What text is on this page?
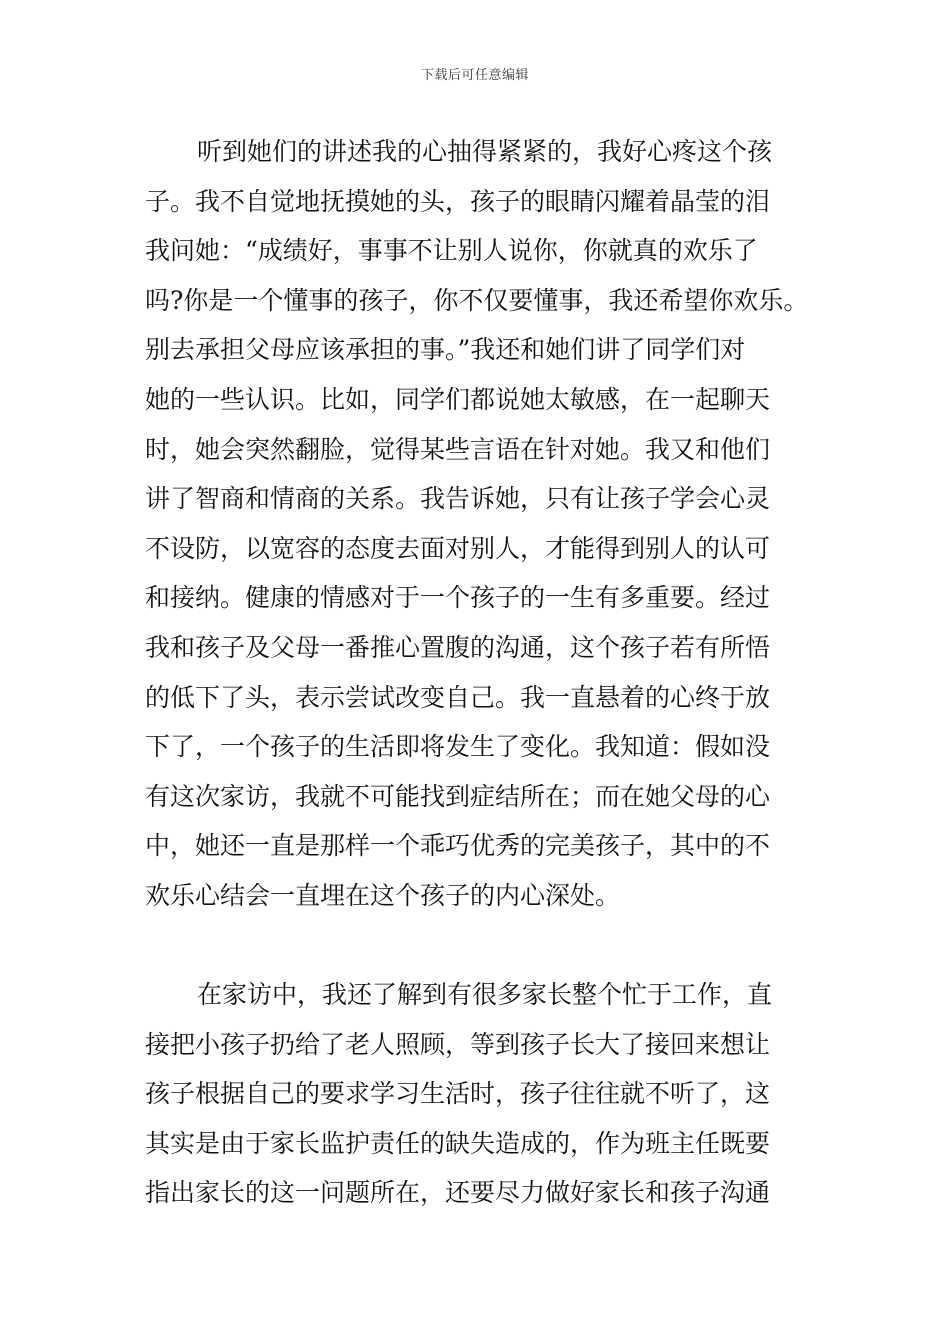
下载后可任意编辑
听到她们的讲述我的心抽得紧紧的，我好心疼这个孩
子。我不自觉地抚摸她的头，孩子的眼睛闪耀着晶莹的泪
我问她：“成绩好，事事不让别人说你，你就真的欢乐了
吗?你是一个懂事的孩子，你不仅要懂事，我还希望你欢乐。
别去承担父母应该承担的事。”我还和她们讲了同学们对
她的一些认识。比如，同学们都说她太敏感，在一起聊天
时，她会突然翻脸，觉得某些言语在针对她。我又和他们
讲了智商和情商的关系。我告诉她，只有让孩子学会心灵
不设防，以宽容的态度去面对别人，才能得到别人的认可
和接纳。健康的情感对于一个孩子的一生有多重要。经过
我和孩子及父母一番推心置腹的沟通，这个孩子若有所悟
的低下了头，表示尝试改变自己。我一直悬着的心终于放
下了，一个孩子的生活即将发生了变化。我知道：假如没
有这次家访，我就不可能找到症结所在；而在她父母的心
中，她还一直是那样一个乖巧优秀的完美孩子，其中的不
欢乐心结会一直埋在这个孩子的内心深处。
在家访中，我还了解到有很多家长整个忙于工作，直
接把小孩子扔给了老人照顾，等到孩子长大了接回来想让
孩子根据自己的要求学习生活时，孩子往往就不听了，这
其实是由于家长监护责任的缺失造成的，作为班主任既要
指出家长的这一问题所在，还要尽力做好家长和孩子沟通
